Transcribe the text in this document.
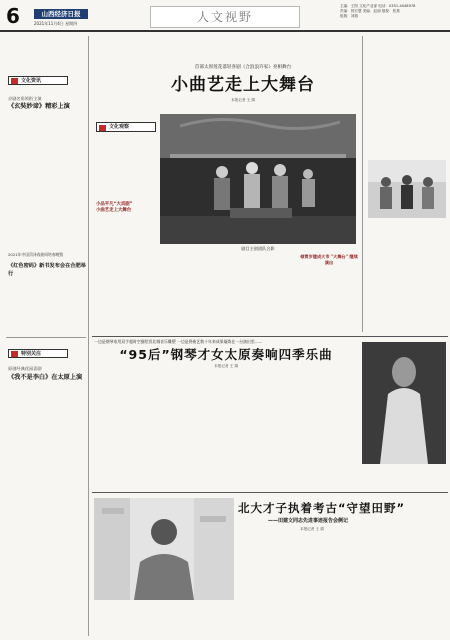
6	山西经济日报
2021年11月4日 星期四	人文视野
主编：王阳 文化产业部 电话：0351-4048978
责编：郭宏慧 美编：赵丽 版校：张燕
组版：刘瑞
文化资讯
京剧名角领衔主演
《玄奘妙谛》精彩上演
2021年中国菏泽戏曲网络春晚暨
《红色密码》新书发布会在合肥举行
特别关注
原创经典花园喜剧
《我不是李白》在太原上演
首部太原莲花落轻喜剧《合浪浪许家》亮相舞台
小曲艺走上大舞台
本报记者 王 娟
文化观察
小品平凡“大戏剧”
小曲艺走上大舞台
剧目主创团队合影
倾青岁建成大市 "大舞台" 继续演出
一边是钢琴家用双手超时空描绘晋北城音乐雕塑 一边是将曲艺数十年来成果凝炼在一台演出里……
“95后”钢琴才女太原奏响四季乐曲
本报记者 王 娟
北大才子执着考古“守望田野”
——田建文同志先进事迹报告会侧记
本报记者 王 娟
